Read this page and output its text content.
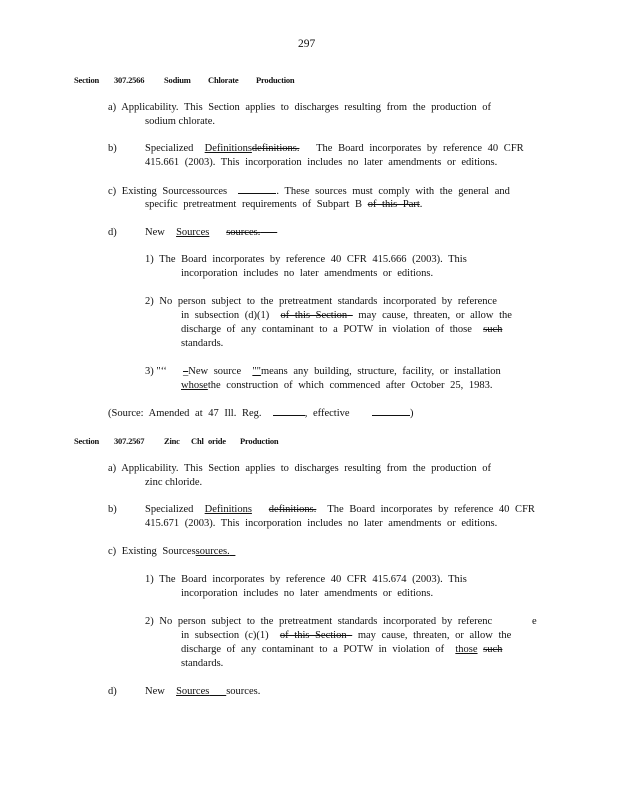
297
Section 307.2566 Sodium Chlorate Production
a) Applicability. This Section applies to discharges resulting from the production of
sodium chlorate.
b)	Specialized Definitionsdefinitions. The Board incorporates by reference 40 CFR
415.661 (2003). This incorporation includes no later amendments or editions.
c) Existing Sourcessources	. These sources must comply with the general and
specific pretreatment requirements of Subpart B of this Part.
d)	New Sources sources.
1) The Board incorporates by reference 40 CFR 415.666 (2003). This
incorporation includes no later amendments or editions.
2) No person subject to the pretreatment standards incorporated by reference
in subsection (d)(1) of this Section may cause, threaten, or allow the
discharge of any contaminant to a POTW in violation of those such
standards.
3) "‘‘ _New source ""means any building, structure, facility, or installation
whosethe construction of which commenced after October 25, 1983.
(Source: Amended at 47 Ill. Reg.	, effective	)
Section 307.2567 Zinc Chl oride Production
a) Applicability. This Section applies to discharges resulting from the production of
zinc chloride.
b)	Specialized Definitions definitions. The Board incorporates by reference 40 CFR
415.671 (2003). This incorporation includes no later amendments or editions.
c) Existing Sourcessources.
1) The Board incorporates by reference 40 CFR 415.674 (2003). This
incorporation includes no later amendments or editions.
2) No person subject to the pretreatment standards incorporated by referenc	e
in subsection (c)(1) of this Section may cause, threaten, or allow the
discharge of any contaminant to a POTW in violation of those such
standards.
d)	New Sources sources.
